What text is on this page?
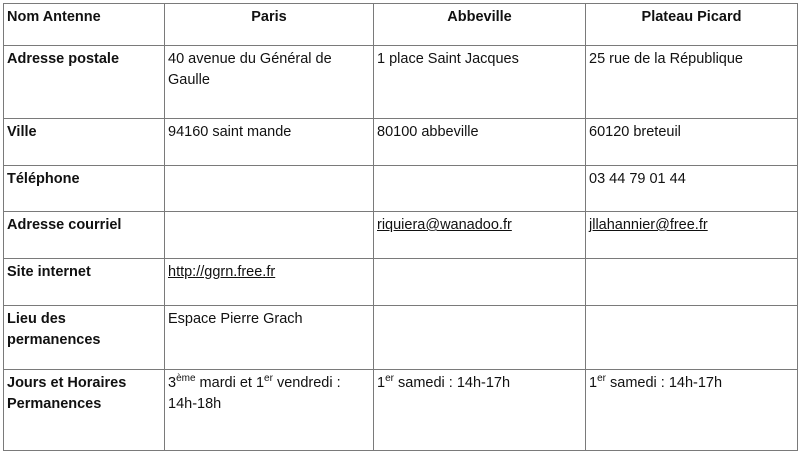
Nom Antenne	Paris	Abbeville	Plateau Picard
Adresse postale	40 avenue du Général de Gaulle	1 place Saint Jacques	25 rue de la République
Ville	94160 saint mande	80100 abbeville	60120 breteuil
Téléphone			03 44 79 01 44
Adresse courriel		riquiera@wanadoo.fr	jllahannier@free.fr
Site internet	http://ggrn.free.fr		
Lieu des permanences	Espace Pierre Grach		
Jours et Horaires Permanences	3ème mardi et 1er vendredi : 14h-18h	1er samedi : 14h-17h	1er samedi : 14h-17h
